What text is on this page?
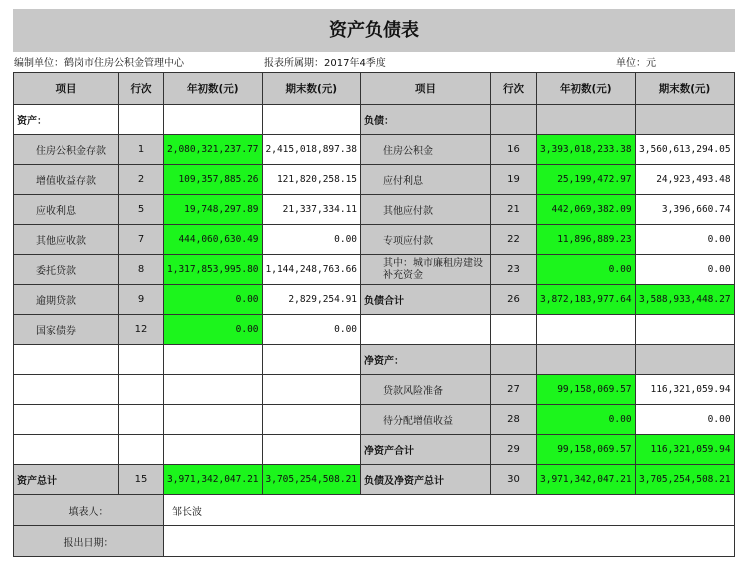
资产负债表
编制单位：鹤岗市住房公积金管理中心	报表所属期：2017年4季度	单位：元
项目	行次	年初数(元)	期末数(元)	项目	行次	年初数(元)	期末数(元)
资产：				负债：			
住房公积金存款	1	2,080,321,237.77	2,415,018,897.38	住房公积金	16	3,393,018,233.38	3,560,613,294.05
增值收益存款	2	109,357,885.26	121,820,258.15	应付利息	19	25,199,472.97	24,923,493.48
应收利息	5	19,748,297.89	21,337,334.11	其他应付款	21	442,069,382.09	3,396,660.74
其他应收款	7	444,060,630.49	0.00	专项应付款	22	11,896,889.23	0.00
委托贷款	8	1,317,853,995.80	1,144,248,763.66	其中：城市廉租房建设补充资金	23	0.00	0.00
逾期贷款	9	0.00	2,829,254.91	负债合计	26	3,872,183,977.64	3,588,933,448.27
国家债券	12	0.00	0.00				
				净资产：			
				贷款风险准备	27	99,158,069.57	116,321,059.94
				待分配增值收益	28	0.00	0.00
				净资产合计	29	99,158,069.57	116,321,059.94
资产总计	15	3,971,342,047.21	3,705,254,508.21	负债及净资产总计	30	3,971,342,047.21	3,705,254,508.21
填表人：		邹长波					
报出日期：							
